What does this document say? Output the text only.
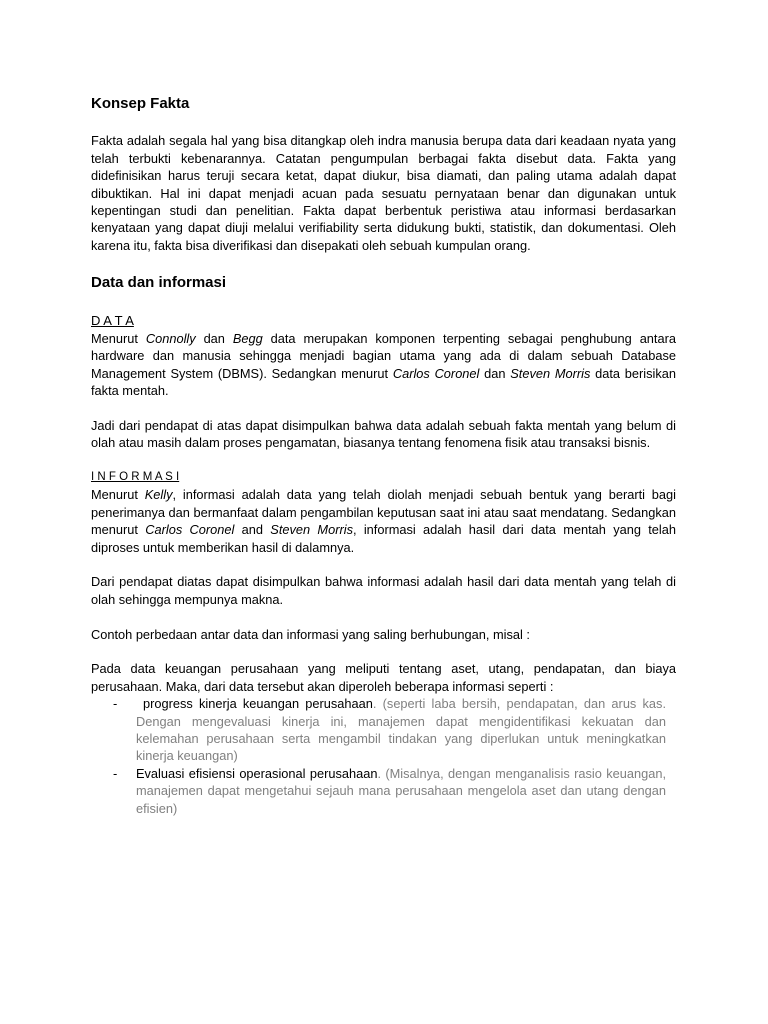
Konsep Fakta

Fakta adalah segala hal yang bisa ditangkap oleh indra manusia berupa data dari keadaan nyata yang telah terbukti kebenarannya. Catatan pengumpulan berbagai fakta disebut data. Fakta yang didefinisikan harus teruji secara ketat, dapat diukur, bisa diamati, dan paling utama adalah dapat dibuktikan. Hal ini dapat menjadi acuan pada sesuatu pernyataan benar dan digunakan untuk kepentingan studi dan penelitian. Fakta dapat berbentuk peristiwa atau informasi berdasarkan kenyataan yang dapat diuji melalui verifiability serta didukung bukti, statistik, dan dokumentasi. Oleh karena itu, fakta bisa diverifikasi dan disepakati oleh sebuah kumpulan orang.

Data dan informasi
D A T A

Menurut Connolly dan Begg data merupakan komponen terpenting sebagai penghubung antara hardware dan manusia sehingga menjadi bagian utama yang ada di dalam sebuah Database Management System (DBMS). Sedangkan menurut Carlos Coronel dan Steven Morris data berisikan fakta mentah.

Jadi dari pendapat di atas dapat disimpulkan bahwa data adalah sebuah fakta mentah yang belum di olah atau masih dalam proses pengamatan, biasanya tentang fenomena fisik atau transaksi bisnis.

I N F O R M A S I

Menurut Kelly, informasi adalah data yang telah diolah menjadi sebuah bentuk yang berarti bagi penerimanya dan bermanfaat dalam pengambilan keputusan saat ini atau saat mendatang. Sedangkan menurut Carlos Coronel and Steven Morris, informasi adalah hasil dari data mentah yang telah diproses untuk memberikan hasil di dalamnya.

Dari pendapat diatas dapat disimpulkan bahwa informasi adalah hasil dari data mentah yang telah di olah sehingga mempunya makna.

Contoh perbedaan antar data dan informasi yang saling berhubungan, misal :

Pada data keuangan perusahaan yang meliputi tentang aset, utang, pendapatan, dan biaya perusahaan. Maka, dari data tersebut akan diperoleh beberapa informasi seperti :

-	progress kinerja keuangan perusahaan. (seperti laba bersih, pendapatan, dan arus kas. Dengan mengevaluasi kinerja ini, manajemen dapat mengidentifikasi kekuatan dan kelemahan perusahaan serta mengambil tindakan yang diperlukan untuk meningkatkan kinerja keuangan)
- Evaluasi efisiensi operasional perusahaan. (Misalnya, dengan menganalisis rasio keuangan, manajemen dapat mengetahui sejauh mana perusahaan mengelola aset dan utang dengan efisien)
